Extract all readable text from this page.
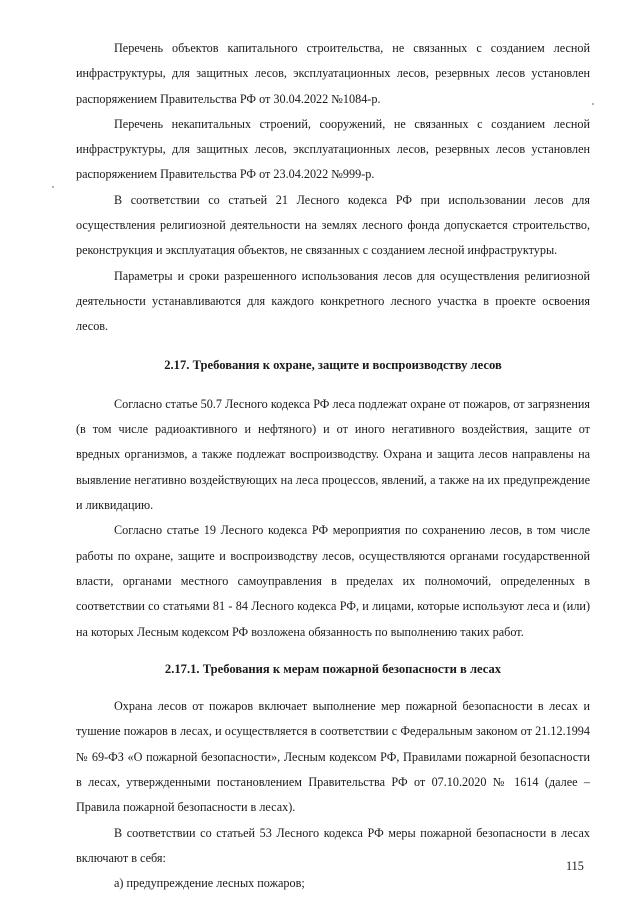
Перечень объектов капитального строительства, не связанных с созданием лесной инфраструктуры, для защитных лесов, эксплуатационных лесов, резервных лесов установлен распоряжением Правительства РФ от 30.04.2022 №1084-р.

Перечень некапитальных строений, сооружений, не связанных с созданием лесной инфраструктуры, для защитных лесов, эксплуатационных лесов, резервных лесов установлен распоряжением Правительства РФ от 23.04.2022 №999-р.

В соответствии со статьей 21 Лесного кодекса РФ при использовании лесов для осуществления религиозной деятельности на землях лесного фонда допускается строительство, реконструкция и эксплуатация объектов, не связанных с созданием лесной инфраструктуры.

Параметры и сроки разрешенного использования лесов для осуществления религиозной деятельности устанавливаются для каждого конкретного лесного участка в проекте освоения лесов.

2.17. Требования к охране, защите и воспроизводству лесов

Согласно статье 50.7 Лесного кодекса РФ леса подлежат охране от пожаров, от загрязнения (в том числе радиоактивного и нефтяного) и от иного негативного воздействия, защите от вредных организмов, а также подлежат воспроизводству. Охрана и защита лесов направлены на выявление негативно воздействующих на леса процессов, явлений, а также на их предупреждение и ликвидацию.

Согласно статье 19 Лесного кодекса РФ мероприятия по сохранению лесов, в том числе работы по охране, защите и воспроизводству лесов, осуществляются органами государственной власти, органами местного самоуправления в пределах их полномочий, определенных в соответствии со статьями 81 - 84 Лесного кодекса РФ, и лицами, которые используют леса и (или) на которых Лесным кодексом РФ возложена обязанность по выполнению таких работ.

2.17.1. Требования к мерам пожарной безопасности в лесах

Охрана лесов от пожаров включает выполнение мер пожарной безопасности в лесах и тушение пожаров в лесах, и осуществляется в соответствии с Федеральным законом от 21.12.1994 № 69-ФЗ «О пожарной безопасности», Лесным кодексом РФ, Правилами пожарной безопасности в лесах, утвержденными постановлением Правительства РФ от 07.10.2020 № 1614 (далее – Правила пожарной безопасности в лесах).

В соответствии со статьей 53 Лесного кодекса РФ меры пожарной безопасности в лесах включают в себя:

а) предупреждение лесных пожаров;

115
